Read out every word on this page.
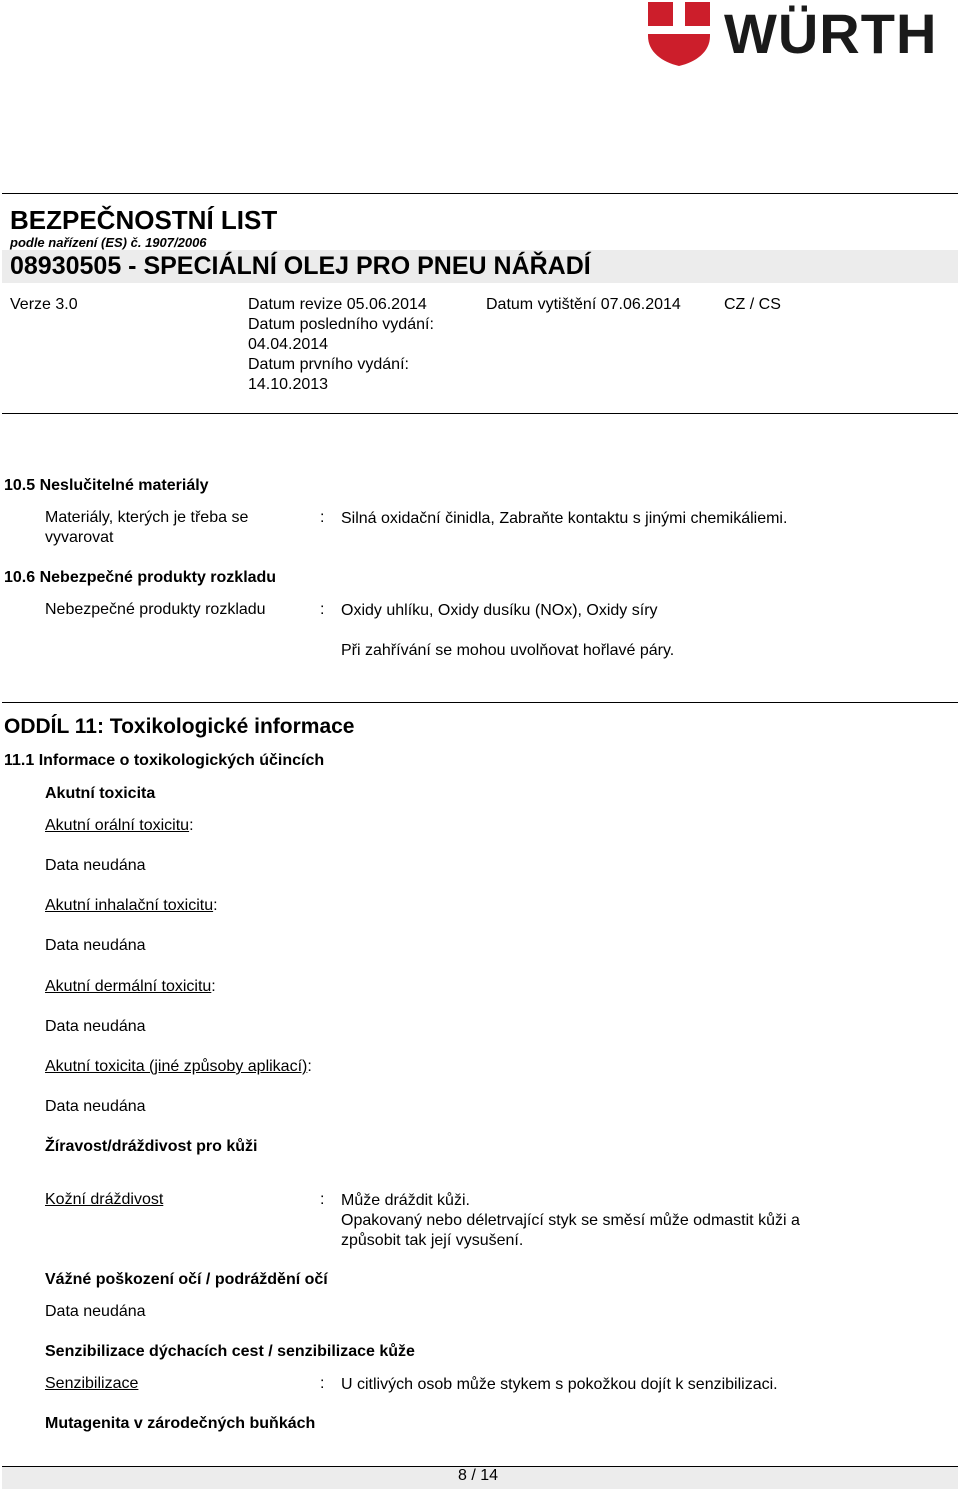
WÜRTH
BEZPEČNOSTNÍ LIST
podle nařízení (ES) č. 1907/2006
08930505 - SPECIÁLNÍ OLEJ PRO PNEU NÁŘADÍ
Verze 3.0	Datum revize 05.06.2014
Datum posledního vydání:
04.04.2014
Datum prvního vydání:
14.10.2013
Datum vytištění 07.06.2014	CZ / CS
10.5 Neslučitelné materiály
Materiály, kterých je třeba se
vyvarovat
: Silná oxidační činidla, Zabraňte kontaktu s jinými chemikáliemi.
10.6 Nebezpečné produkty rozkladu
Nebezpečné produkty rozkladu	: Oxidy uhlíku, Oxidy dusíku (NOx), Oxidy síry
Při zahřívání se mohou uvolňovat hořlavé páry.
ODDÍL 11: Toxikologické informace
11.1 Informace o toxikologických účincích
Akutní toxicita
Akutní orální toxicitu:
Data neudána
Akutní inhalační toxicitu:
Data neudána
Akutní dermální toxicitu:
Data neudána
Akutní toxicita (jiné způsoby aplikací):
Data neudána
Žíravost/dráždivost pro kůži
Kožní dráždivost	: Může dráždit kůži.
Opakovaný nebo déletrvající styk se směsí může odmastit kůži a
způsobit tak její vysušení.
Vážné poškození očí / podráždění očí
Data neudána
Senzibilizace dýchacích cest / senzibilizace kůže
Senzibilizace	: U citlivých osob může stykem s pokožkou dojít k senzibilizaci.
Mutagenita v zárodečných buňkách
8 / 14
